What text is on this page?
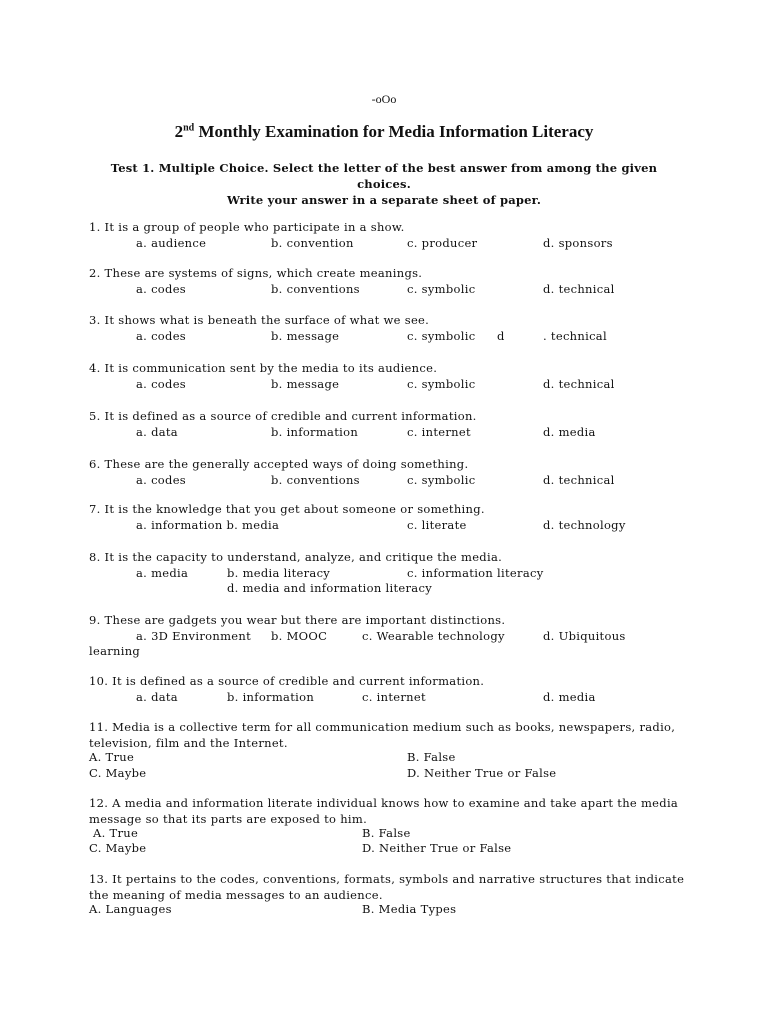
-oOo
2nd Monthly Examination for Media Information Literacy
Test 1. Multiple Choice. Select the letter of the best answer from among the given choices.
Write your answer in a separate sheet of paper.
1. It is a group of people who participate in a show.
a. audience	b. convention	c. producer	d. sponsors
2. These are systems of signs, which create meanings.
a. codes	b. conventions	c. symbolic	d. technical
3. It shows what is beneath the surface of what we see.
a. codes	b. message	c. symbolic d	. technical
4. It is communication sent by the media to its audience.
a. codes	b. message	c. symbolic	d. technical
5. It is defined as a source of credible and current information.
a. data	b. information	c. internet	d. media
6. These are the generally accepted ways of doing something.
a. codes	b. conventions	c. symbolic	d. technical
7. It is the knowledge that you get about someone or something.
a. information b. media	c. literate	d. technology
8. It is the capacity to understand, analyze, and critique the media.
a. media	b. media literacy	c. information literacy
d. media and information literacy
9. These are gadgets you wear but there are important distinctions.
a. 3D Environment b. MOOC	c. Wearable technology	d. Ubiquitous
learning
10. It is defined as a source of credible and current information.
a. data	b. information	c. internet	d. media
11. Media is a collective term for all communication medium such as books, newspapers, radio, television, film and the Internet.
A. True	B. False
C. Maybe	D. Neither True or False
12. A media and information literate individual knows how to examine and take apart the media message so that its parts are exposed to him.
A. True	B. False
C. Maybe	D. Neither True or False
13. It pertains to the codes, conventions, formats, symbols and narrative structures that indicate the meaning of media messages to an audience.
A. Languages	B. Media Types
